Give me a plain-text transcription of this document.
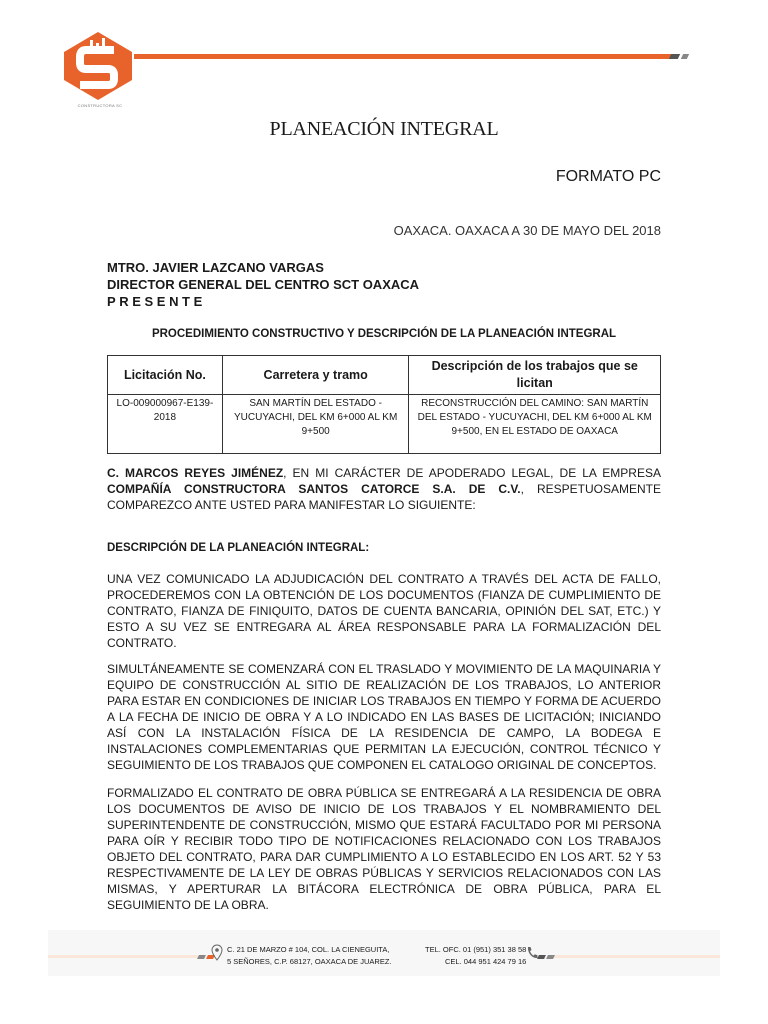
CONSTRUCTORA SC
PLANEACIÓN INTEGRAL
FORMATO PC
OAXACA. OAXACA A 30 DE MAYO DEL 2018
MTRO. JAVIER LAZCANO VARGAS
DIRECTOR GENERAL DEL CENTRO SCT OAXACA
PRESENTE
PROCEDIMIENTO CONSTRUCTIVO Y DESCRIPCIÓN DE LA PLANEACIÓN INTEGRAL
Licitación No.	Carretera y tramo	Descripción de los trabajos que se licitan
LO-009000967-E139-2018	SAN MARTÍN DEL ESTADO - YUCUYACHI, DEL KM 6+000 AL KM 9+500	RECONSTRUCCIÓN DEL CAMINO: SAN MARTÍN DEL ESTADO - YUCUYACHI, DEL KM 6+000 AL KM 9+500, EN EL ESTADO DE OAXACA
C. MARCOS REYES JIMÉNEZ, EN MI CARÁCTER DE APODERADO LEGAL, DE LA EMPRESA COMPAÑÍA CONSTRUCTORA SANTOS CATORCE S.A. DE C.V., RESPETUOSAMENTE COMPAREZCO ANTE USTED PARA MANIFESTAR LO SIGUIENTE:
DESCRIPCIÓN DE LA PLANEACIÓN INTEGRAL:
UNA VEZ COMUNICADO LA ADJUDICACIÓN DEL CONTRATO A TRAVÉS DEL ACTA DE FALLO, PROCEDEREMOS CON LA OBTENCIÓN DE LOS DOCUMENTOS (FIANZA DE CUMPLIMIENTO DE CONTRATO, FIANZA DE FINIQUITO, DATOS DE CUENTA BANCARIA, OPINIÓN DEL SAT, ETC.) Y ESTO A SU VEZ SE ENTREGARA AL ÁREA RESPONSABLE PARA LA FORMALIZACIÓN DEL CONTRATO.
SIMULTÁNEAMENTE SE COMENZARÁ CON EL TRASLADO Y MOVIMIENTO DE LA MAQUINARIA Y EQUIPO DE CONSTRUCCIÓN AL SITIO DE REALIZACIÓN DE LOS TRABAJOS, LO ANTERIOR PARA ESTAR EN CONDICIONES DE INICIAR LOS TRABAJOS EN TIEMPO Y FORMA DE ACUERDO A LA FECHA DE INICIO DE OBRA Y A LO INDICADO EN LAS BASES DE LICITACIÓN; INICIANDO ASÍ CON LA INSTALACIÓN FÍSICA DE LA RESIDENCIA DE CAMPO, LA BODEGA E INSTALACIONES COMPLEMENTARIAS QUE PERMITAN LA EJECUCIÓN, CONTROL TÉCNICO Y SEGUIMIENTO DE LOS TRABAJOS QUE COMPONEN EL CATALOGO ORIGINAL DE CONCEPTOS.
FORMALIZADO EL CONTRATO DE OBRA PÚBLICA SE ENTREGARÁ A LA RESIDENCIA DE OBRA LOS DOCUMENTOS DE AVISO DE INICIO DE LOS TRABAJOS Y EL NOMBRAMIENTO DEL SUPERINTENDENTE DE CONSTRUCCIÓN, MISMO QUE ESTARÁ FACULTADO POR MI PERSONA PARA OÍR Y RECIBIR TODO TIPO DE NOTIFICACIONES RELACIONADO CON LOS TRABAJOS OBJETO DEL CONTRATO, PARA DAR CUMPLIMIENTO A LO ESTABLECIDO EN LOS ART. 52 Y 53 RESPECTIVAMENTE DE LA LEY DE OBRAS PÚBLICAS Y SERVICIOS RELACIONADOS CON LAS MISMAS, Y APERTURAR LA BITÁCORA ELECTRÓNICA DE OBRA PÚBLICA, PARA EL SEGUIMIENTO DE LA OBRA.
C. 21 DE MARZO # 104, COL. LA CIENEGUITA,
5 SEÑORES, C.P. 68127, OAXACA DE JUAREZ.
TEL. OFC. 01 (951) 351 38 58
CEL. 044 951 424 79 16
